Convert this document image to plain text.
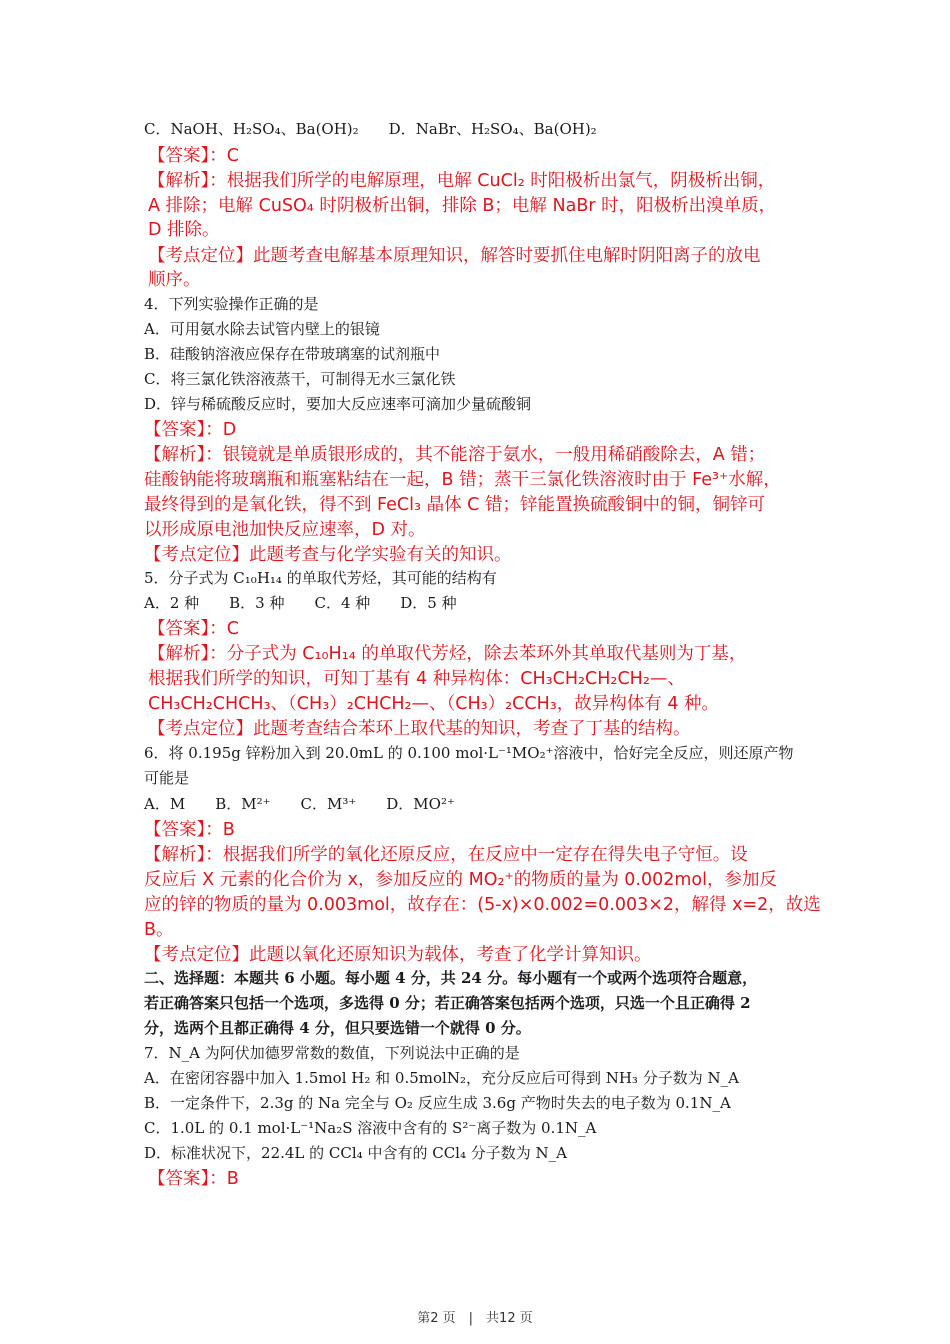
C．NaOH、H₂SO₄、Ba(OH)₂　　D．NaBr、H₂SO₄、Ba(OH)₂
【答案】：C
【解析】：根据我们所学的电解原理，电解 CuCl₂ 时阳极析出氯气，阴极析出铜，
A 排除；电解 CuSO₄ 时阴极析出铜，排除 B；电解 NaBr 时，阳极析出溴单质，
D 排除。
【考点定位】此题考查电解基本原理知识，解答时要抓住电解时阴阳离子的放电
顺序。
4．下列实验操作正确的是
A．可用氨水除去试管内壁上的银镜
B．硅酸钠溶液应保存在带玻璃塞的试剂瓶中
C．将三氯化铁溶液蒸干，可制得无水三氯化铁
D．锌与稀硫酸反应时，要加大反应速率可滴加少量硫酸铜
【答案】：D
【解析】：银镜就是单质银形成的，其不能溶于氨水，一般用稀硝酸除去，A 错；
硅酸钠能将玻璃瓶和瓶塞粘结在一起，B 错；蒸干三氯化铁溶液时由于 Fe³⁺水解，
最终得到的是氧化铁，得不到 FeCl₃ 晶体 C 错；锌能置换硫酸铜中的铜，铜锌可
以形成原电池加快反应速率，D 对。
【考点定位】此题考查与化学实验有关的知识。
5．分子式为 C₁₀H₁₄ 的单取代芳烃，其可能的结构有
A．2 种　　B．3 种　　C．4 种　　D．5 种
【答案】：C
【解析】：分子式为 C₁₀H₁₄ 的单取代芳烃，除去苯环外其单取代基则为丁基，
根据我们所学的知识，可知丁基有 4 种异构体：CH₃CH₂CH₂CH₂—、
CH₃CH₂CHCH₃、（CH₃）₂CHCH₂—、（CH₃）₂CCH₃，故异构体有 4 种。
【考点定位】此题考查结合苯环上取代基的知识，考查了丁基的结构。
6．将 0.195g 锌粉加入到 20.0mL 的 0.100 mol·L⁻¹MO₂⁺溶液中，恰好完全反应，则还原产物
可能是
A．M　　B．M²⁺　　C．M³⁺　　D．MO²⁺
【答案】：B
【解析】：根据我们所学的氧化还原反应，在反应中一定存在得失电子守恒。设
反应后 X 元素的化合价为 x，参加反应的 MO₂⁺的物质的量为 0.002mol，参加反
应的锌的物质的量为 0.003mol，故存在：(5-x)×0.002=0.003×2，解得 x=2，故选
B。
【考点定位】此题以氧化还原知识为载体，考查了化学计算知识。
二、选择题：本题共 6 小题。每小题 4 分，共 24 分。每小题有一个或两个选项符合题意，
若正确答案只包括一个选项，多选得 0 分；若正确答案包括两个选项，只选一个且正确得 2
分，选两个且都正确得 4 分，但只要选错一个就得 0 分。
7．N_A 为阿伏加德罗常数的数值，下列说法中正确的是
A．在密闭容器中加入 1.5mol H₂ 和 0.5molN₂，充分反应后可得到 NH₃ 分子数为 N_A
B．一定条件下，2.3g 的 Na 完全与 O₂ 反应生成 3.6g 产物时失去的电子数为 0.1N_A
C．1.0L 的 0.1 mol·L⁻¹Na₂S 溶液中含有的 S²⁻离子数为 0.1N_A
D．标准状况下，22.4L 的 CCl₄ 中含有的 CCl₄ 分子数为 N_A
【答案】：B
第2 页　|　共12 页
